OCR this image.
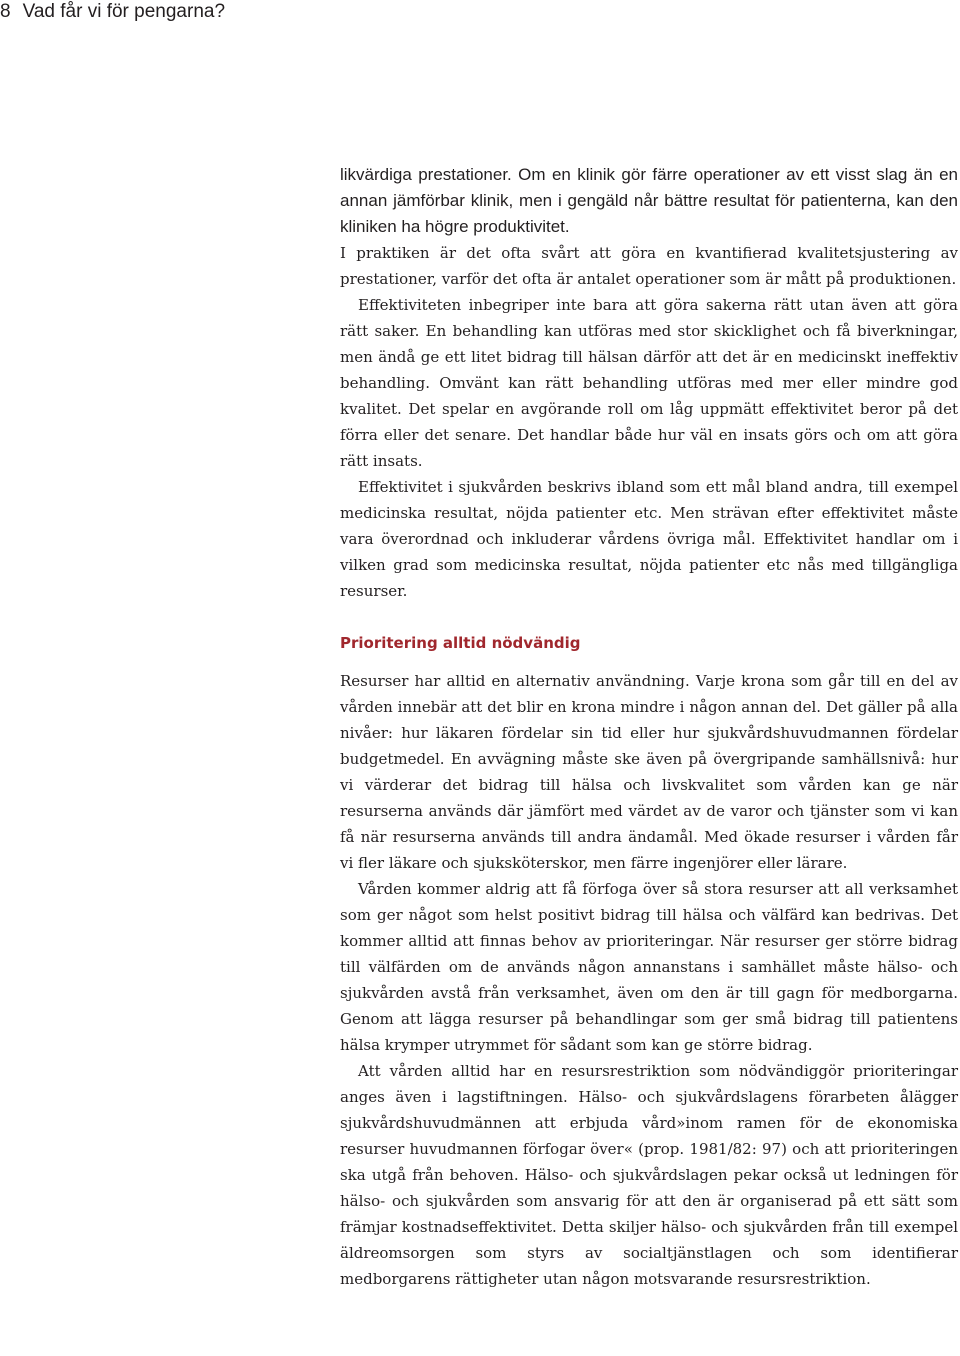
8 Vad får vi för pengarna?

likvärdiga prestationer. Om en klinik gör färre operationer av ett visst slag än en annan jämförbar klinik, men i gengäld når bättre resultat för patienterna, kan den kliniken ha högre produktivitet.

I praktiken är det ofta svårt att göra en kvantifierad kvalitetsjustering av prestationer, varför det ofta är antalet operationer som är mått på produktionen.

Effektiviteten inbegriper inte bara att göra sakerna rätt utan även att göra rätt saker. En behandling kan utföras med stor skicklighet och få biverkningar, men ändå ge ett litet bidrag till hälsan därför att det är en medicinskt ineffektiv behandling. Omvänt kan rätt behandling utföras med mer eller mindre god kvalitet. Det spelar en avgörande roll om låg uppmätt effektivitet beror på det förra eller det senare. Det handlar både hur väl en insats görs och om att göra rätt insats.

Effektivitet i sjukvården beskrivs ibland som ett mål bland andra, till exempel medicinska resultat, nöjda patienter etc. Men strävan efter effektivitet måste vara överordnad och inkluderar vårdens övriga mål. Effektivitet handlar om i vilken grad som medicinska resultat, nöjda patienter etc nås med tillgängliga resurser.

Prioritering alltid nödvändig

Resurser har alltid en alternativ användning. Varje krona som går till en del av vården innebär att det blir en krona mindre i någon annan del. Det gäller på alla nivåer: hur läkaren fördelar sin tid eller hur sjukvårdshuvudmannen fördelar budgetmedel. En avvägning måste ske även på övergripande samhällsnivå: hur vi värderar det bidrag till hälsa och livskvalitet som vården kan ge när resurserna används där jämfört med värdet av de varor och tjänster som vi kan få när resurserna används till andra ändamål. Med ökade resurser i vården får vi fler läkare och sjuksköterskor, men färre ingenjörer eller lärare.

Vården kommer aldrig att få förfoga över så stora resurser att all verksamhet som ger något som helst positivt bidrag till hälsa och välfärd kan bedrivas. Det kommer alltid att finnas behov av prioriteringar. När resurser ger större bidrag till välfärden om de används någon annanstans i samhället måste hälso- och sjukvården avstå från verksamhet, även om den är till gagn för medborgarna. Genom att lägga resurser på behandlingar som ger små bidrag till patientens hälsa krymper utrymmet för sådant som kan ge större bidrag.

Att vården alltid har en resursrestriktion som nödvändiggör prioriteringar anges även i lagstiftningen. Hälso- och sjukvårdslagens förarbeten ålägger sjukvårdshuvudmännen att erbjuda vård»inom ramen för de ekonomiska resurser huvudmannen förfogar över« (prop. 1981/82: 97) och att prioriteringen ska utgå från behoven. Hälso- och sjukvårdslagen pekar också ut ledningen för hälso- och sjukvården som ansvarig för att den är organiserad på ett sätt som främjar kostnadseffektivitet. Detta skiljer hälso- och sjukvården från till exempel äldreomsorgen som styrs av socialtjänstlagen och som identifierar medborgarens rättigheter utan någon motsvarande resursrestriktion.
